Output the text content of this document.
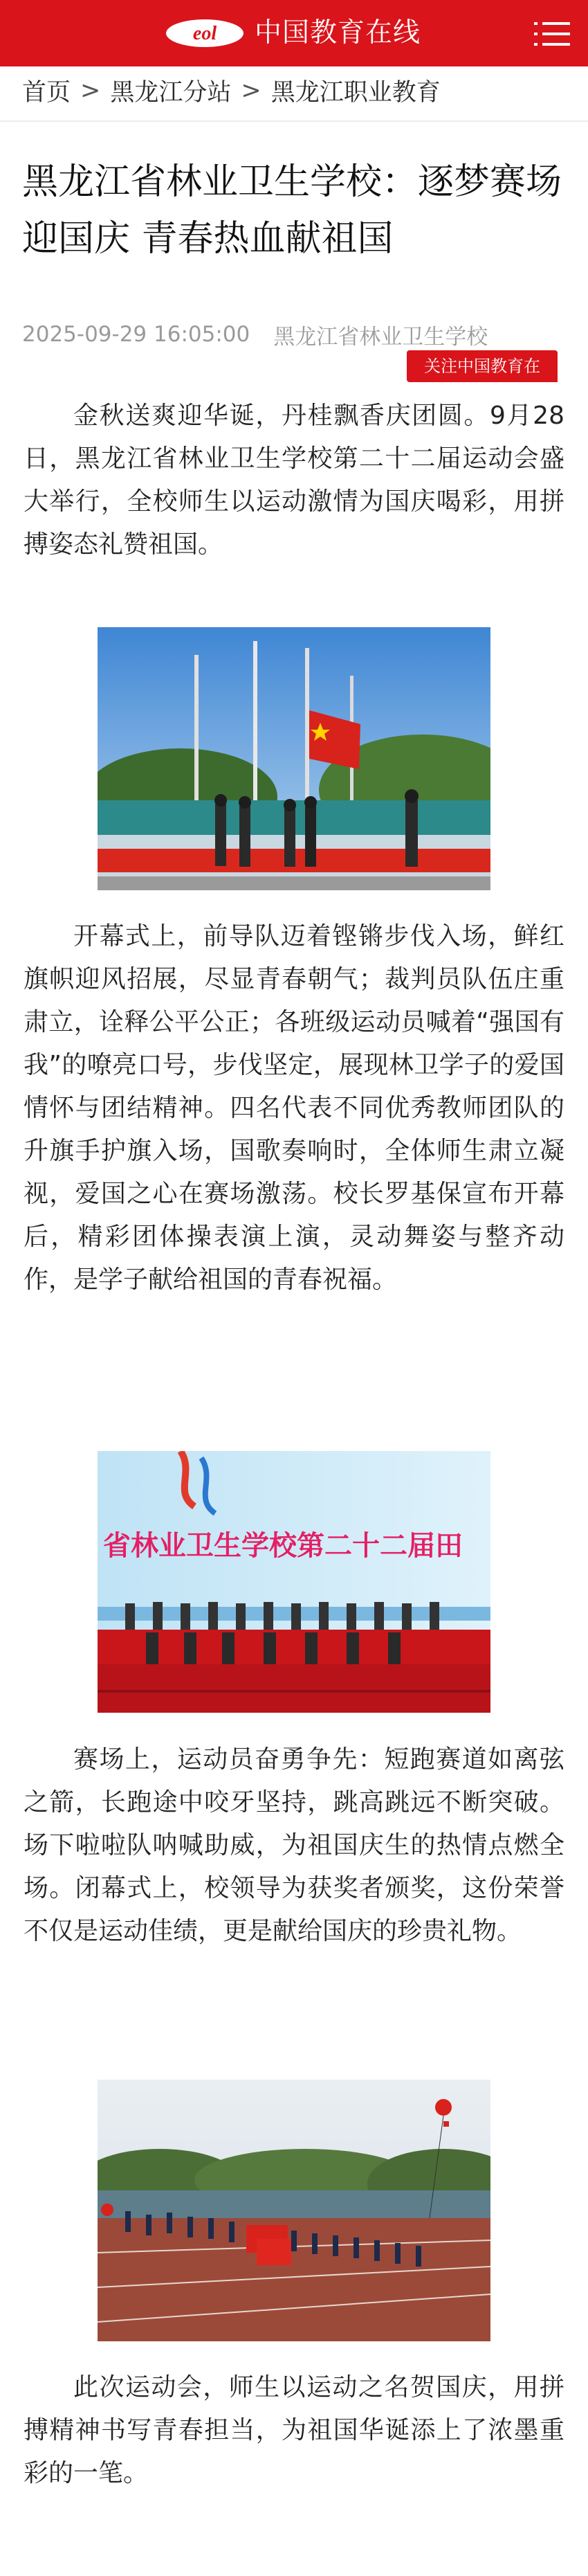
eol 中国教育在线
首页 > 黑龙江分站 > 黑龙江职业教育
黑龙江省林业卫生学校：逐梦赛场迎国庆 青春热血献祖国
2025-09-29 16:05:00 黑龙江省林业卫生学校
关注中国教育在

金秋送爽迎华诞，丹桂飘香庆团圆。9月28日，黑龙江省林业卫生学校第二十二届运动会盛大举行，全校师生以运动激情为国庆喝彩，用拼搏姿态礼赞祖国。

开幕式上，前导队迈着铿锵步伐入场，鲜红旗帜迎风招展，尽显青春朝气；裁判员队伍庄重肃立，诠释公平公正；各班级运动员喊着“强国有我”的嘹亮口号，步伐坚定，展现林卫学子的爱国情怀与团结精神。四名代表不同优秀教师团队的升旗手护旗入场，国歌奏响时，全体师生肃立凝视，爱国之心在赛场激荡。校长罗基保宣布开幕后，精彩团体操表演上演，灵动舞姿与整齐动作，是学子献给祖国的青春祝福。

省林业卫生学校第二十二届田

赛场上，运动员奋勇争先：短跑赛道如离弦之箭，长跑途中咬牙坚持，跳高跳远不断突破。场下啦啦队呐喊助威，为祖国庆生的热情点燃全场。闭幕式上，校领导为获奖者颁奖，这份荣誉不仅是运动佳绩，更是献给国庆的珍贵礼物。

此次运动会，师生以运动之名贺国庆，用拼搏精神书写青春担当，为祖国华诞添上了浓墨重彩的一笔。
